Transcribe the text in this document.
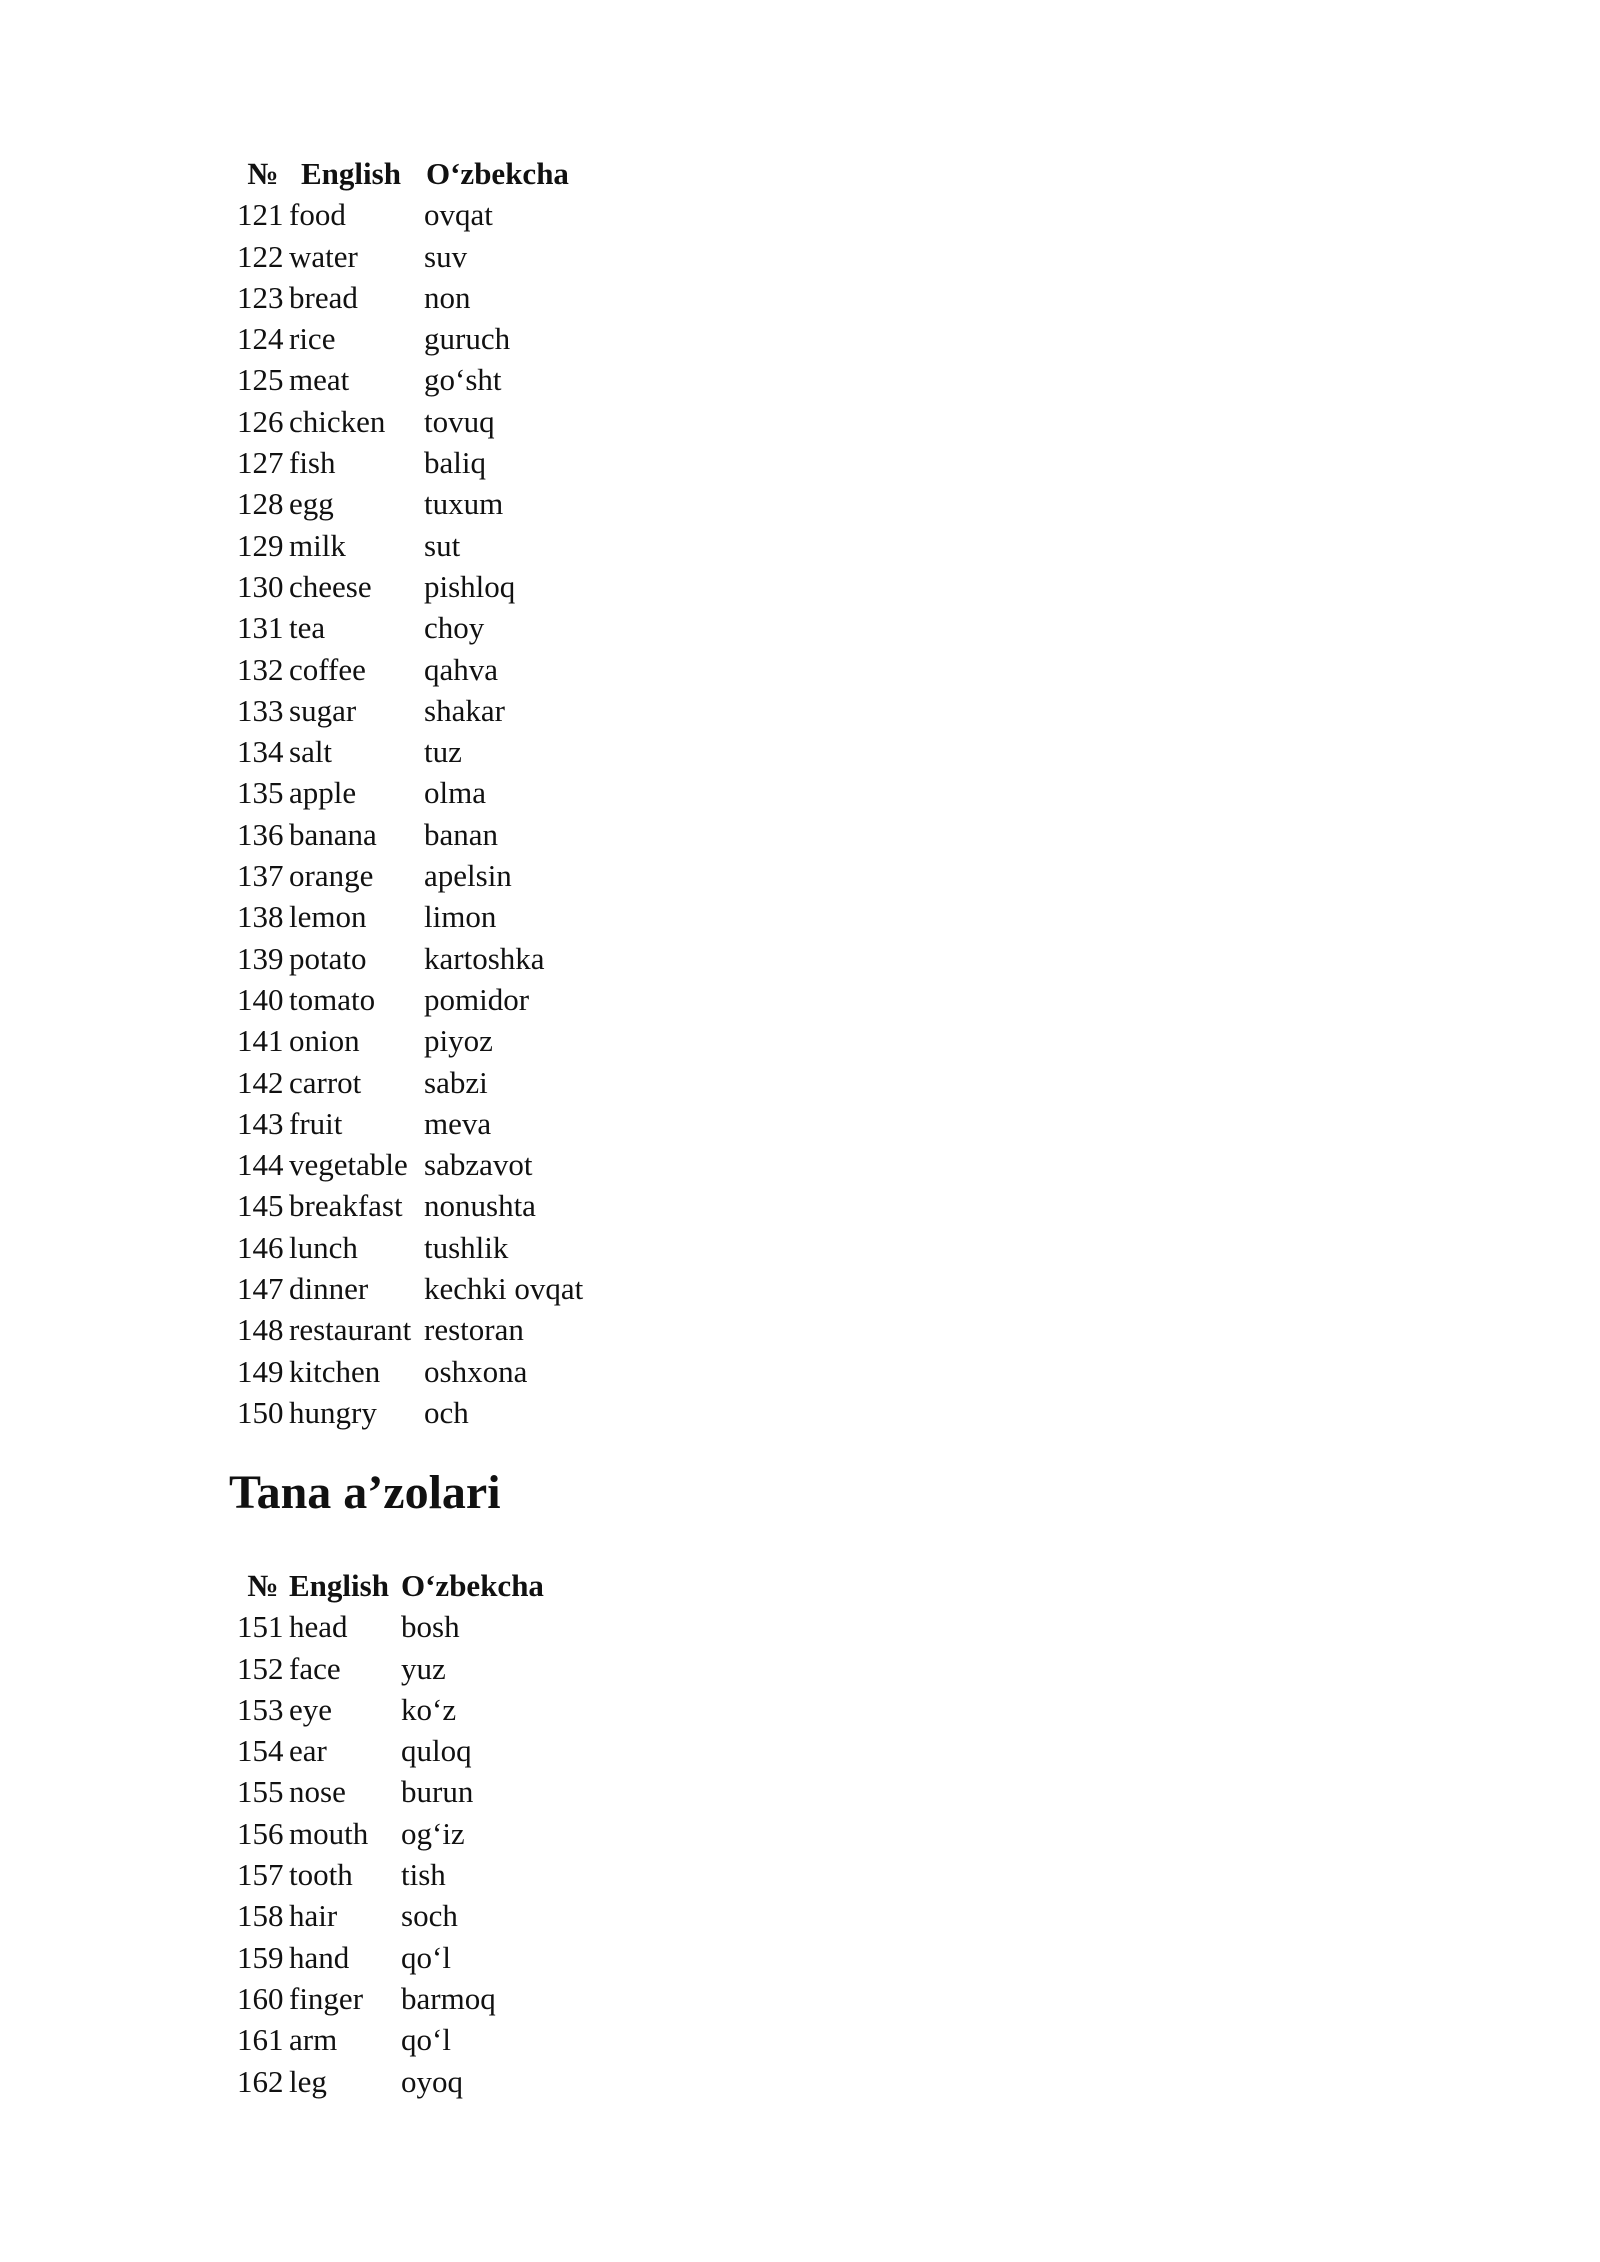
№	English	O‘zbekcha
121	food	ovqat
122	water	suv
123	bread	non
124	rice	guruch
125	meat	go‘sht
126	chicken	tovuq
127	fish	baliq
128	egg	tuxum
129	milk	sut
130	cheese	pishloq
131	tea	choy
132	coffee	qahva
133	sugar	shakar
134	salt	tuz
135	apple	olma
136	banana	banan
137	orange	apelsin
138	lemon	limon
139	potato	kartoshka
140	tomato	pomidor
141	onion	piyoz
142	carrot	sabzi
143	fruit	meva
144	vegetable	sabzavot
145	breakfast	nonushta
146	lunch	tushlik
147	dinner	kechki ovqat
148	restaurant	restoran
149	kitchen	oshxona
150	hungry	och
Tana a’zolari
№	English	O‘zbekcha
151	head	bosh
152	face	yuz
153	eye	ko‘z
154	ear	quloq
155	nose	burun
156	mouth	og‘iz
157	tooth	tish
158	hair	soch
159	hand	qo‘l
160	finger	barmoq
161	arm	qo‘l
162	leg	oyoq
